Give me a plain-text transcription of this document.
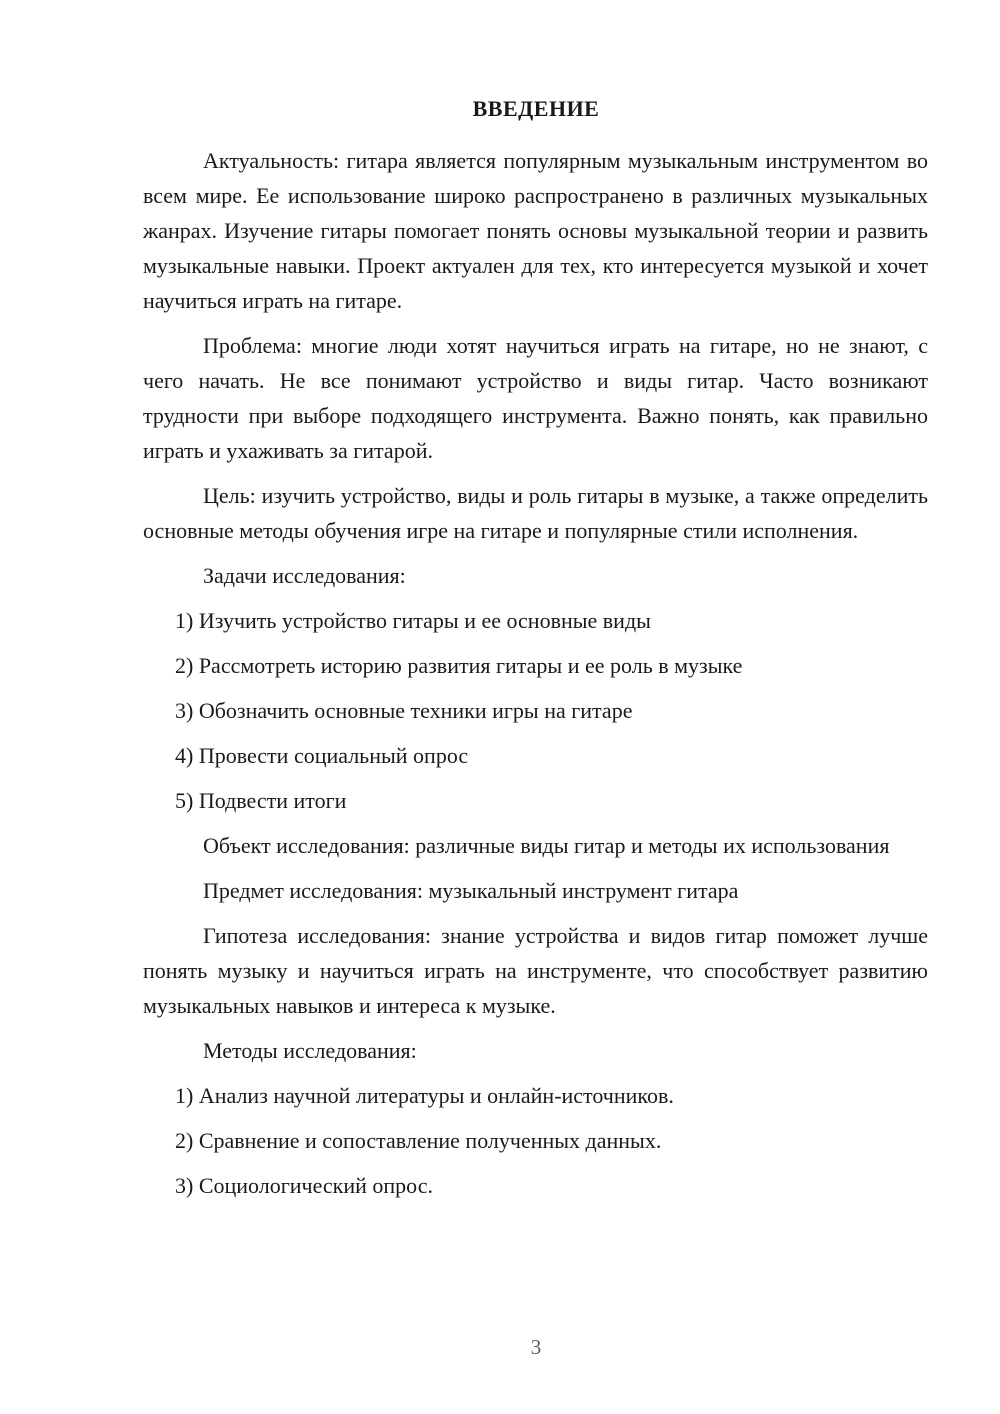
ВВЕДЕНИЕ

Актуальность: гитара является популярным музыкальным инструментом во всем мире. Ее использование широко распространено в различных музыкальных жанрах. Изучение гитары помогает понять основы музыкальной теории и развить музыкальные навыки. Проект актуален для тех, кто интересуется музыкой и хочет научиться играть на гитаре.

Проблема: многие люди хотят научиться играть на гитаре, но не знают, с чего начать. Не все понимают устройство и виды гитар. Часто возникают трудности при выборе подходящего инструмента. Важно понять, как правильно играть и ухаживать за гитарой.

Цель: изучить устройство, виды и роль гитары в музыке, а также определить основные методы обучения игре на гитаре и популярные стили исполнения.

Задачи исследования:

1) Изучить устройство гитары и ее основные виды

2) Рассмотреть историю развития гитары и ее роль в музыке

3) Обозначить основные техники игры на гитаре

4) Провести социальный опрос

5) Подвести итоги

Объект исследования: различные виды гитар и методы их использования

Предмет исследования: музыкальный инструмент гитара

Гипотеза исследования: знание устройства и видов гитар поможет лучше понять музыку и научиться играть на инструменте, что способствует развитию музыкальных навыков и интереса к музыке.

Методы исследования:

1) Анализ научной литературы и онлайн-источников.

2) Сравнение и сопоставление полученных данных.

3) Социологический опрос.

3
